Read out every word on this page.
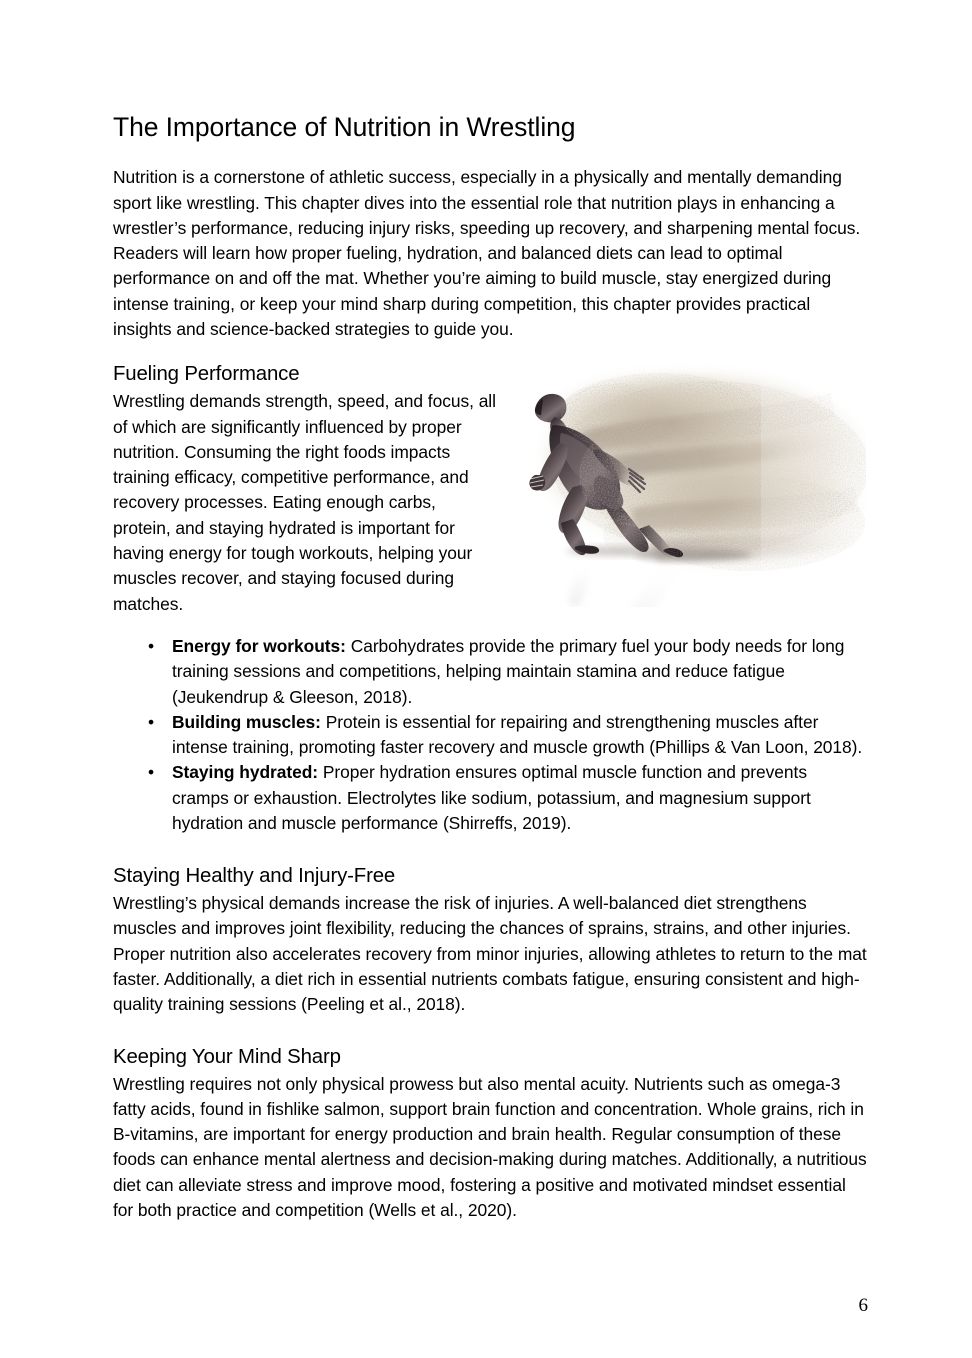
The Importance of Nutrition in Wrestling

Nutrition is a cornerstone of athletic success, especially in a physically and mentally demanding sport like wrestling. This chapter dives into the essential role that nutrition plays in enhancing a wrestler’s performance, reducing injury risks, speeding up recovery, and sharpening mental focus. Readers will learn how proper fueling, hydration, and balanced diets can lead to optimal performance on and off the mat. Whether you’re aiming to build muscle, stay energized during intense training, or keep your mind sharp during competition, this chapter provides practical insights and science-backed strategies to guide you.

Fueling Performance

Wrestling demands strength, speed, and focus, all of which are significantly influenced by proper nutrition. Consuming the right foods impacts training efficacy, competitive performance, and recovery processes. Eating enough carbs, protein, and staying hydrated is important for having energy for tough workouts, helping your muscles recover, and staying focused during matches.

• Energy for workouts: Carbohydrates provide the primary fuel your body needs for long training sessions and competitions, helping maintain stamina and reduce fatigue (Jeukendrup & Gleeson, 2018).
• Building muscles: Protein is essential for repairing and strengthening muscles after intense training, promoting faster recovery and muscle growth (Phillips & Van Loon, 2018).
• Staying hydrated: Proper hydration ensures optimal muscle function and prevents cramps or exhaustion. Electrolytes like sodium, potassium, and magnesium support hydration and muscle performance (Shirreffs, 2019).
Staying Healthy and Injury-Free

Wrestling’s physical demands increase the risk of injuries. A well-balanced diet strengthens muscles and improves joint flexibility, reducing the chances of sprains, strains, and other injuries. Proper nutrition also accelerates recovery from minor injuries, allowing athletes to return to the mat faster. Additionally, a diet rich in essential nutrients combats fatigue, ensuring consistent and high-quality training sessions (Peeling et al., 2018).

Keeping Your Mind Sharp

Wrestling requires not only physical prowess but also mental acuity. Nutrients such as omega-3 fatty acids, found in fishlike salmon, support brain function and concentration. Whole grains, rich in B-vitamins, are important for energy production and brain health. Regular consumption of these foods can enhance mental alertness and decision-making during matches. Additionally, a nutritious diet can alleviate stress and improve mood, fostering a positive and motivated mindset essential for both practice and competition (Wells et al., 2020).

6
